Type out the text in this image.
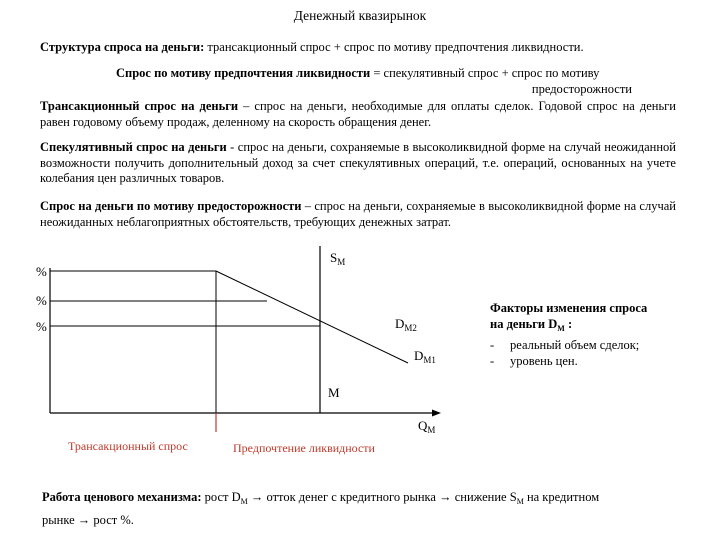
Денежный квазирынок
Структура спроса на деньги: трансакционный спрос + спрос по мотиву предпочтения ликвидности.
Спрос по мотиву предпочтения ликвидности = спекулятивный спрос + спрос по мотиву
предосторожности
Трансакционный спрос на деньги – спрос на деньги, необходимые для оплаты сделок. Годовой спрос на деньги равен годовому объему продаж, деленному на скорость обращения денег.
Спекулятивный спрос на деньги - спрос на деньги, сохраняемые в высоколиквидной форме на случай неожиданной возможности получить дополнительный доход за счет спекулятивных операций, т.е. операций, основанных на учете колебания цен различных товаров.
Спрос на деньги по мотиву предосторожности – спрос на деньги, сохраняемые в высоколиквидной форме на случай неожиданных неблагоприятных обстоятельств, требующих денежных затрат.
%
%
%
$S_M$
$D_{M2}$
$D_{M1}$
M
$Q_M$
Трансакционный спрос	Предпочтение ликвидности
Факторы изменения спроса
на деньги $D_M$ :
-	реальный объем сделок;
-	уровень цен.
Работа ценового механизма: рост $D_M$ → отток денег с кредитного рынка → снижение $S_M$ на кредитном
рынке → рост %.
